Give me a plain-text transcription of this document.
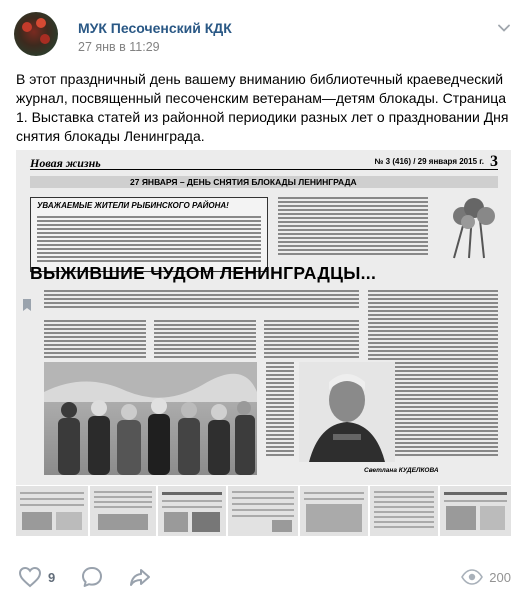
МУК Песоченский КДК
27 янв в 11:29
В этот праздничный день вашему вниманию библиотечный краеведческий журнал, посвященный песоченским ветеранам—детям блокады. Страница 1. Выставка статей из районной периодики разных лет о праздновании Дня снятия блокады Ленинграда.
Новая жизнь	№ 3 (416) / 29 января 2015 г. 3
27 ЯНВАРЯ – ДЕНЬ СНЯТИЯ БЛОКАДЫ ЛЕНИНГРАДА
УВАЖАЕМЫЕ ЖИТЕЛИ РЫБИНСКОГО РАЙОНА!
ВЫЖИВШИЕ ЧУДОМ ЛЕНИНГРАДЦЫ...
Светлана КУДЕЛКОВА
9	200
